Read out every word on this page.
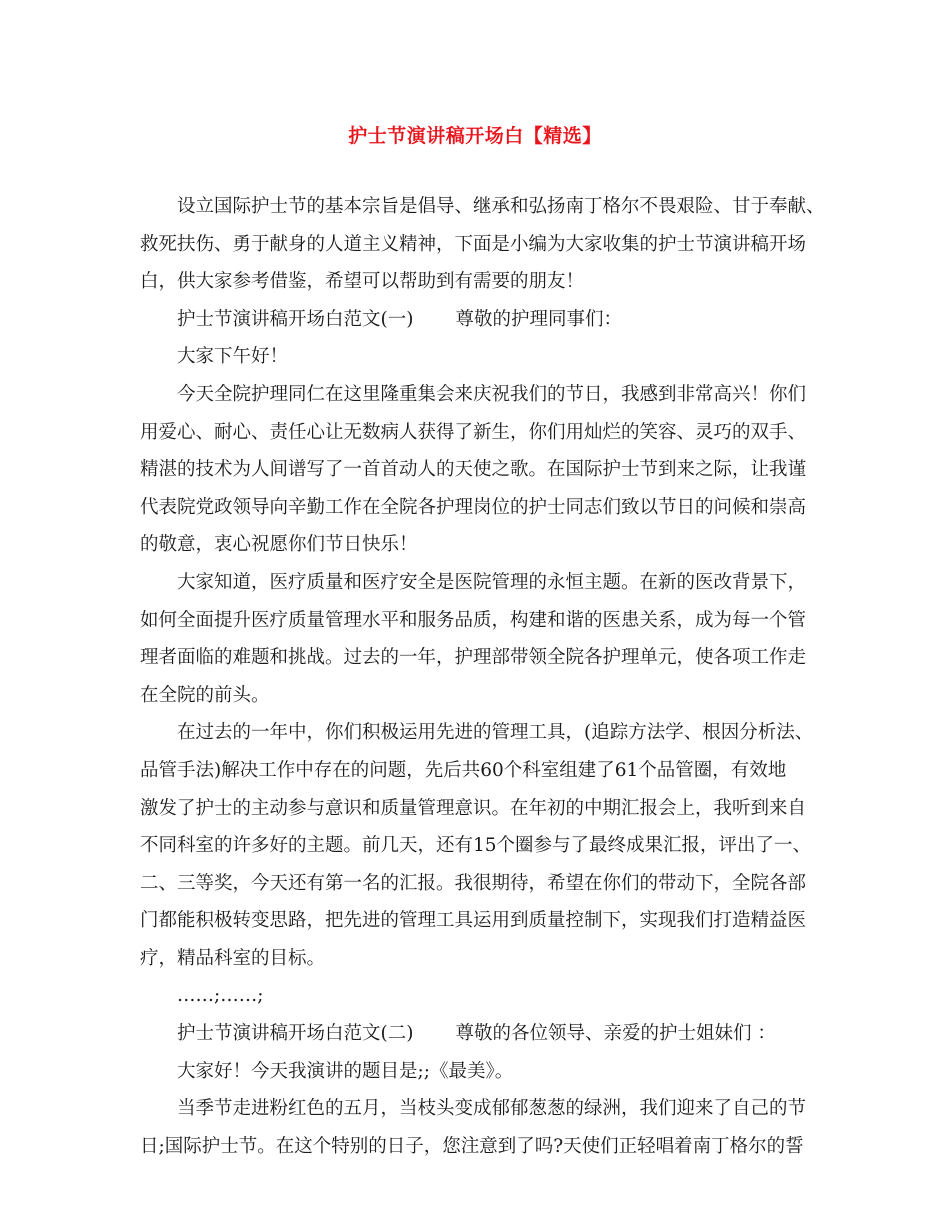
护士节演讲稿开场白【精选】
设立国际护士节的基本宗旨是倡导、继承和弘扬南丁格尔不畏艰险、甘于奉献、
救死扶伤、勇于献身的人道主义精神，下面是小编为大家收集的护士节演讲稿开场
白，供大家参考借鉴，希望可以帮助到有需要的朋友！
护士节演讲稿开场白范文(一) 尊敬的护理同事们：
大家下午好！
今天全院护理同仁在这里隆重集会来庆祝我们的节日，我感到非常高兴！你们
用爱心、耐心、责任心让无数病人获得了新生，你们用灿烂的笑容、灵巧的双手、
精湛的技术为人间谱写了一首首动人的天使之歌。在国际护士节到来之际，让我谨
代表院党政领导向辛勤工作在全院各护理岗位的护士同志们致以节日的问候和崇高
的敬意，衷心祝愿你们节日快乐！
大家知道，医疗质量和医疗安全是医院管理的永恒主题。在新的医改背景下，
如何全面提升医疗质量管理水平和服务品质，构建和谐的医患关系，成为每一个管
理者面临的难题和挑战。过去的一年，护理部带领全院各护理单元，使各项工作走
在全院的前头。
在过去的一年中，你们积极运用先进的管理工具，(追踪方法学、根因分析法、
品管手法)解决工作中存在的问题，先后共60个科室组建了61个品管圈，有效地
激发了护士的主动参与意识和质量管理意识。在年初的中期汇报会上，我听到来自
不同科室的许多好的主题。前几天，还有15个圈参与了最终成果汇报，评出了一、
二、三等奖，今天还有第一名的汇报。我很期待，希望在你们的带动下，全院各部
门都能积极转变思路，把先进的管理工具运用到质量控制下，实现我们打造精益医
疗，精品科室的目标。
……;……;
护士节演讲稿开场白范文(二) 尊敬的各位领导、亲爱的护士姐妹们 ：
大家好！今天我演讲的题目是;;《最美》。
当季节走进粉红色的五月，当枝头变成郁郁葱葱的绿洲，我们迎来了自己的节
日;国际护士节。在这个特别的日子，您注意到了吗?天使们正轻唱着南丁格尔的誓
